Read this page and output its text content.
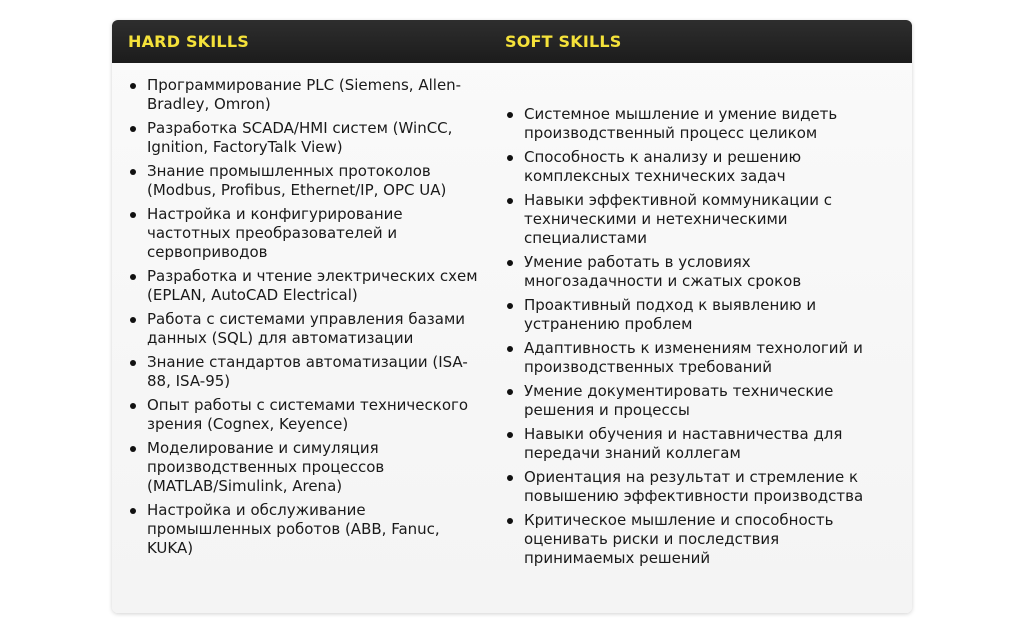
HARD SKILLS	SOFT SKILLS
Программирование PLC (Siemens, Allen-Bradley, Omron)
Разработка SCADA/HMI систем (WinCC, Ignition, FactoryTalk View)
Знание промышленных протоколов (Modbus, Profibus, Ethernet/IP, OPC UA)
Настройка и конфигурирование частотных преобразователей и сервоприводов
Разработка и чтение электрических схем (EPLAN, AutoCAD Electrical)
Работа с системами управления базами данных (SQL) для автоматизации
Знание стандартов автоматизации (ISA-88, ISA-95)
Опыт работы с системами технического зрения (Cognex, Keyence)
Моделирование и симуляция производственных процессов (MATLAB/Simulink, Arena)
Настройка и обслуживание промышленных роботов (ABB, Fanuc, KUKA)
Системное мышление и умение видеть производственный процесс целиком
Способность к анализу и решению комплексных технических задач
Навыки эффективной коммуникации с техническими и нетехническими специалистами
Умение работать в условиях многозадачности и сжатых сроков
Проактивный подход к выявлению и устранению проблем
Адаптивность к изменениям технологий и производственных требований
Умение документировать технические решения и процессы
Навыки обучения и наставничества для передачи знаний коллегам
Ориентация на результат и стремление к повышению эффективности производства
Критическое мышление и способность оценивать риски и последствия принимаемых решений
